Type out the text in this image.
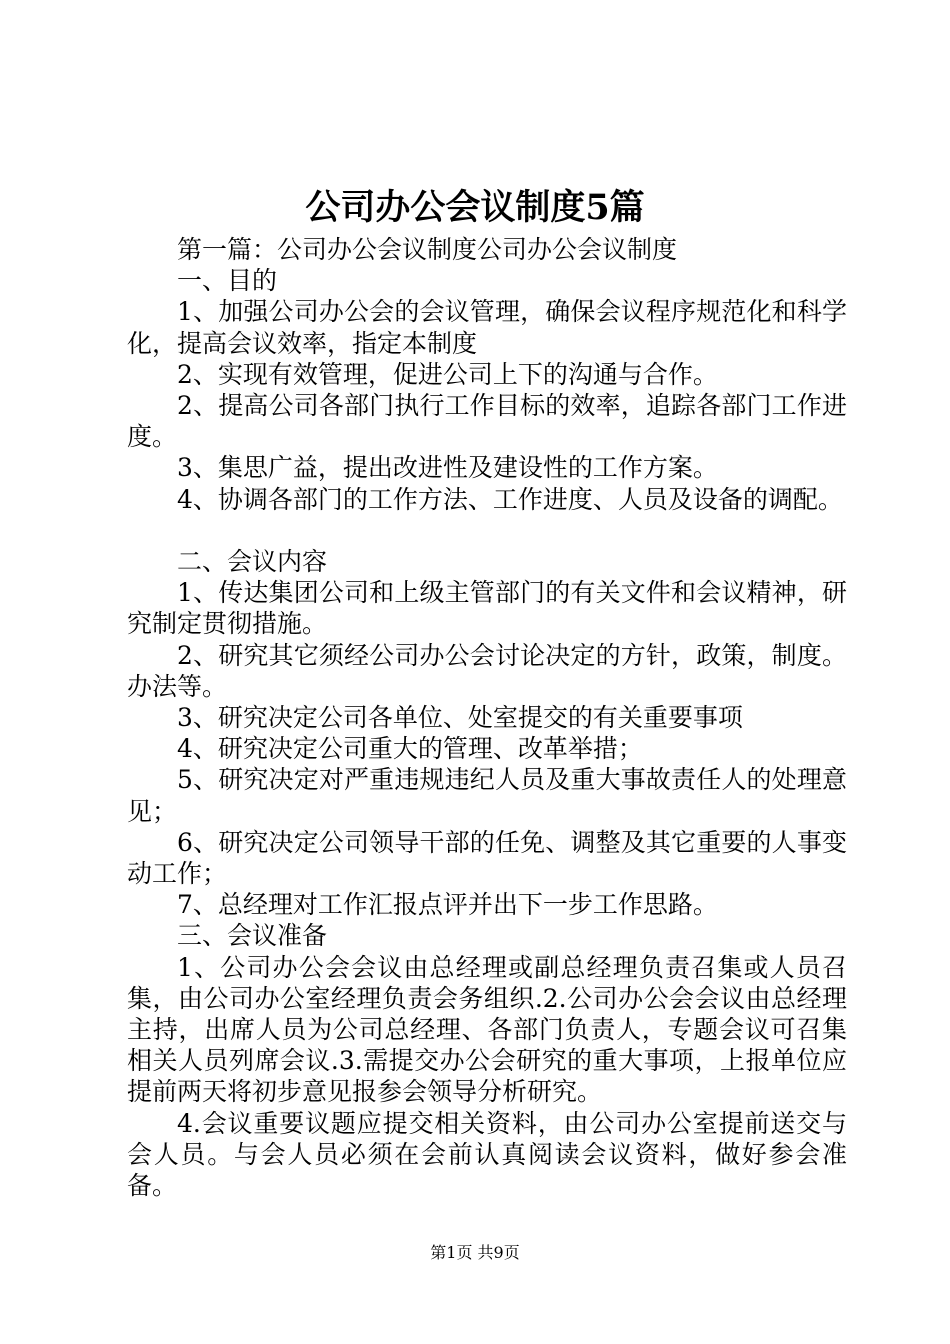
公司办公会议制度5篇

第一篇：公司办公会议制度公司办公会议制度

一、目的

1、加强公司办公会的会议管理，确保会议程序规范化和科学化，提高会议效率，指定本制度

2、实现有效管理，促进公司上下的沟通与合作。

2、提高公司各部门执行工作目标的效率，追踪各部门工作进度。

3、集思广益，提出改进性及建设性的工作方案。

4、协调各部门的工作方法、工作进度、人员及设备的调配。

二、会议内容

1、传达集团公司和上级主管部门的有关文件和会议精神，研究制定贯彻措施。

2、研究其它须经公司办公会讨论决定的方针，政策，制度。办法等。

3、研究决定公司各单位、处室提交的有关重要事项

4、研究决定公司重大的管理、改革举措；

5、研究决定对严重违规违纪人员及重大事故责任人的处理意见；

6、研究决定公司领导干部的任免、调整及其它重要的人事变动工作；

7、总经理对工作汇报点评并出下一步工作思路。

三、会议准备

1、公司办公会会议由总经理或副总经理负责召集或人员召集，由公司办公室经理负责会务组织.2.公司办公会会议由总经理主持，出席人员为公司总经理、各部门负责人，专题会议可召集相关人员列席会议.3.需提交办公会研究的重大事项，上报单位应提前两天将初步意见报参会领导分析研究。

4.会议重要议题应提交相关资料，由公司办公室提前送交与会人员。与会人员必须在会前认真阅读会议资料，做好参会准备。

第1页 共9页
